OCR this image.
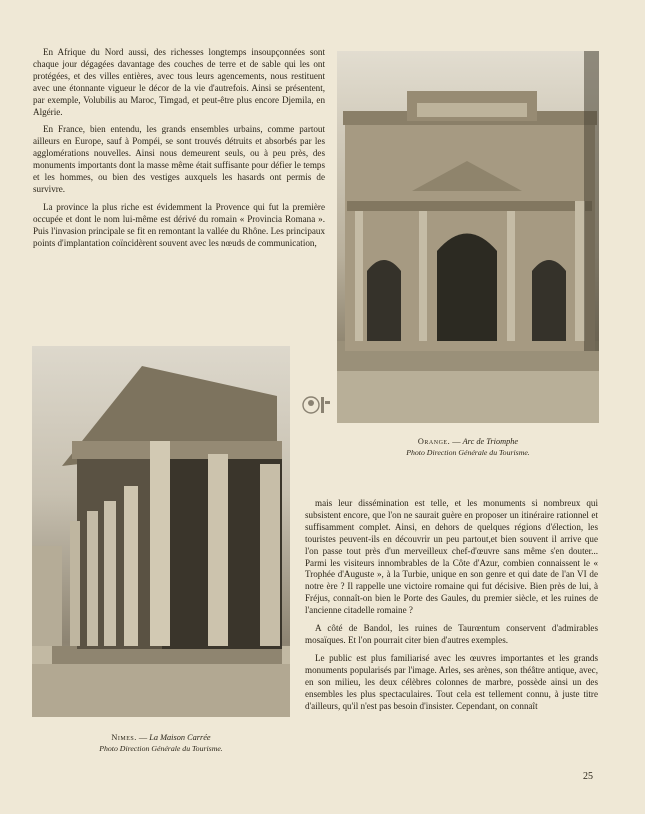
En Afrique du Nord aussi, des richesses longtemps insoupçonnées sont chaque jour dégagées davantage des couches de terre et de sable qui les ont protégées, et des villes entières, avec tous leurs agencements, nous restituent avec une étonnante vigueur le décor de la vie d'autrefois. Ainsi se présentent, par exemple, Volubilis au Maroc, Timgad, et peut-être plus encore Djemila, en Algérie.

En France, bien entendu, les grands ensembles urbains, comme partout ailleurs en Europe, sauf à Pompéi, se sont trouvés détruits et absorbés par les agglomérations nouvelles. Ainsi nous demeurent seuls, ou à peu près, des monuments importants dont la masse même était suffisante pour défier le temps et les hommes, ou bien des vestiges auxquels les hasards ont permis de survivre.

La province la plus riche est évidemment la Provence qui fut la première occupée et dont le nom lui-même est dérivé du romain « Provincia Romana ». Puis l'invasion principale se fit en remontant la vallée du Rhône. Les principaux points d'implantation coïncidèrent souvent avec les nœuds de communication,

Orange. — Arc de Triomphe
Photo Direction Générale du Tourisme.
Nimes. — La Maison Carrée
Photo Direction Générale du Tourisme.

mais leur dissémination est telle, et les monuments si nombreux qui subsistent encore, que l'on ne saurait guère en proposer un itinéraire rationnel et suffisamment complet. Ainsi, en dehors de quelques régions d'élection, les touristes peuvent-ils en découvrir un peu partout,et bien souvent il arrive que l'on passe tout près d'un merveilleux chef-d'œuvre sans même s'en douter... Parmi les visiteurs innombrables de la Côte d'Azur, combien connaissent le « Trophée d'Auguste », à la Turbie, unique en son genre et qui date de l'an VI de notre ère ? Il rappelle une victoire romaine qui fut décisive. Bien près de lui, à Fréjus, connaît-on bien le Porte des Gaules, du premier siècle, et les ruines de l'ancienne citadelle romaine ?

A côté de Bandol, les ruines de Taurœntum conservent d'admirables mosaïques. Et l'on pourrait citer bien d'autres exemples.

Le public est plus familiarisé avec les œuvres importantes et les grands monuments popularisés par l'image. Arles, ses arènes, son théâtre antique, avec, en son milieu, les deux célèbres colonnes de marbre, possède ainsi un des ensembles les plus spectaculaires. Tout cela est tellement connu, à juste titre d'ailleurs, qu'il n'est pas besoin d'insister. Cependant, on connaît

25
